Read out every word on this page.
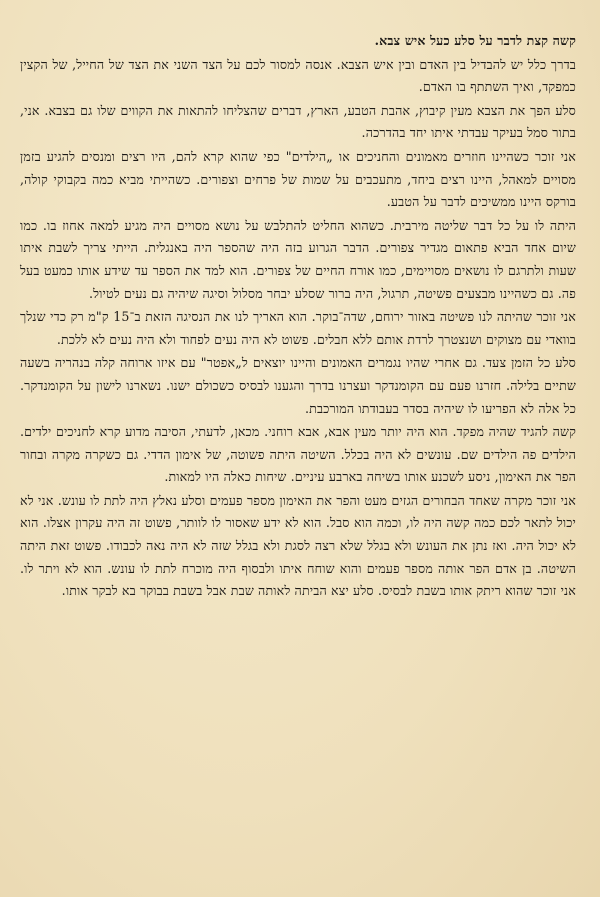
קשה קצת לדבר על סלע כעל איש צבא.

בדרך כלל יש להבדיל בין האדם ובין איש הצבא. אנסה למסור לכם על הצד השני את הצד של החייל, של הקצין כמפקד, ואיך השתתף בו האדם.

סלע הפך את הצבא מעין קיבוץ, אהבת הטבע, הארץ, דברים שהצליחו להתאות את הקווים שלו גם בצבא. אני, בתור סמל בעיקר עבדתי איתו יחד בהדרכה.

אני זוכר כשהיינו חוזרים מאמונים והחניכים או „הילדים" כפי שהוא קרא להם, היו רצים ומנסים להגיע בזמן מסויים למאהל, היינו רצים ביחד, מתעכבים על שמות של פרחים וצפורים. כשהייתי מביא כמה בקבוקי קולה, בורקס היינו ממשיכים לדבר על הטבע.

היתה לו על כל דבר שליטה מירבית. כשהוא החליט להתלבש על נושא מסויים היה מגיע למאה אחוז בו. כמו שיום אחד הביא פתאום מגדיר צפורים. הדבר הגרוע בזה היה שהספר היה באנגלית. הייתי צריך לשבת איתו שעות ולתרגם לו נושאים מסויימים, כמו אורח החיים של צפורים. הוא למד את הספר עד שידע אותו כמעט בעל פה. גם כשהיינו מבצעים פשיטה, תרגול, היה ברור שסלע יבחר מסלול וסיגה שיהיה גם נעים לטיול.

אני זוכר שהיתה לנו פשיטה באזור ירוחם, שדה־בוקר. הוא האריך לנו את הנסיגה הזאת ב־15 ק"מ רק כדי שנלך בוואדי עם מצוקים ושנצטרך לרדת אותם ללא חבלים. פשוט לא היה נעים לפחוד ולא היה נעים לא ללכת.

סלע כל הזמן צעד. גם אחרי שהיו נגמרים האמונים והיינו יוצאים ל„אפטר" עם איזו ארוחה קלה בנהריה בשעה שתיים בלילה. חזרנו פעם עם הקומנדקר ועצרנו בדרך והגענו לבסיס כשכולם ישנו. נשארנו לישון על הקומנדקר. כל אלה לא הפריעו לו שיהיה בסדר בעבודתו המורכבת.

קשה להגיד שהיה מפקד. הוא היה יותר מעין אבא, אבא רוחני. מכאן, לדעתי, הסיבה מדוע קרא לחניכים ילדים. הילדים פה הילדים שם. עונשים לא היה בכלל. השיטה היתה פשוטה, של אימון הדדי. גם כשקרה מקרה ובחור הפר את האימון, ניסע לשכנע אותו בשיחה בארבע עיניים. שיחות כאלה היו למאות.

אני זוכר מקרה שאחד הבחורים הגזים מעט והפר את האימון מספר פעמים וסלע נאלץ היה לתת לו עונש. אני לא יכול לתאר לכם כמה קשה היה לו, וכמה הוא סבל. הוא לא ידע שאסור לו לוותר, פשוט זה היה עקרון אצלו. הוא לא יכול היה. ואז נתן את העונש ולא בגלל שלא רצה לסגת ולא בגלל שזה לא היה נאה לכבודו. פשוט זאת היתה השיטה. בן אדם הפר אותה מספר פעמים והוא שוחח איתו ולבסוף היה מוכרח לתת לו עונש. הוא לא ויתר לו. אני זוכר שהוא ריתק אותו בשבת לבסיס. סלע יצא הביתה לאותה שבת אבל בשבת בבוקר בא לבקר אותו.
